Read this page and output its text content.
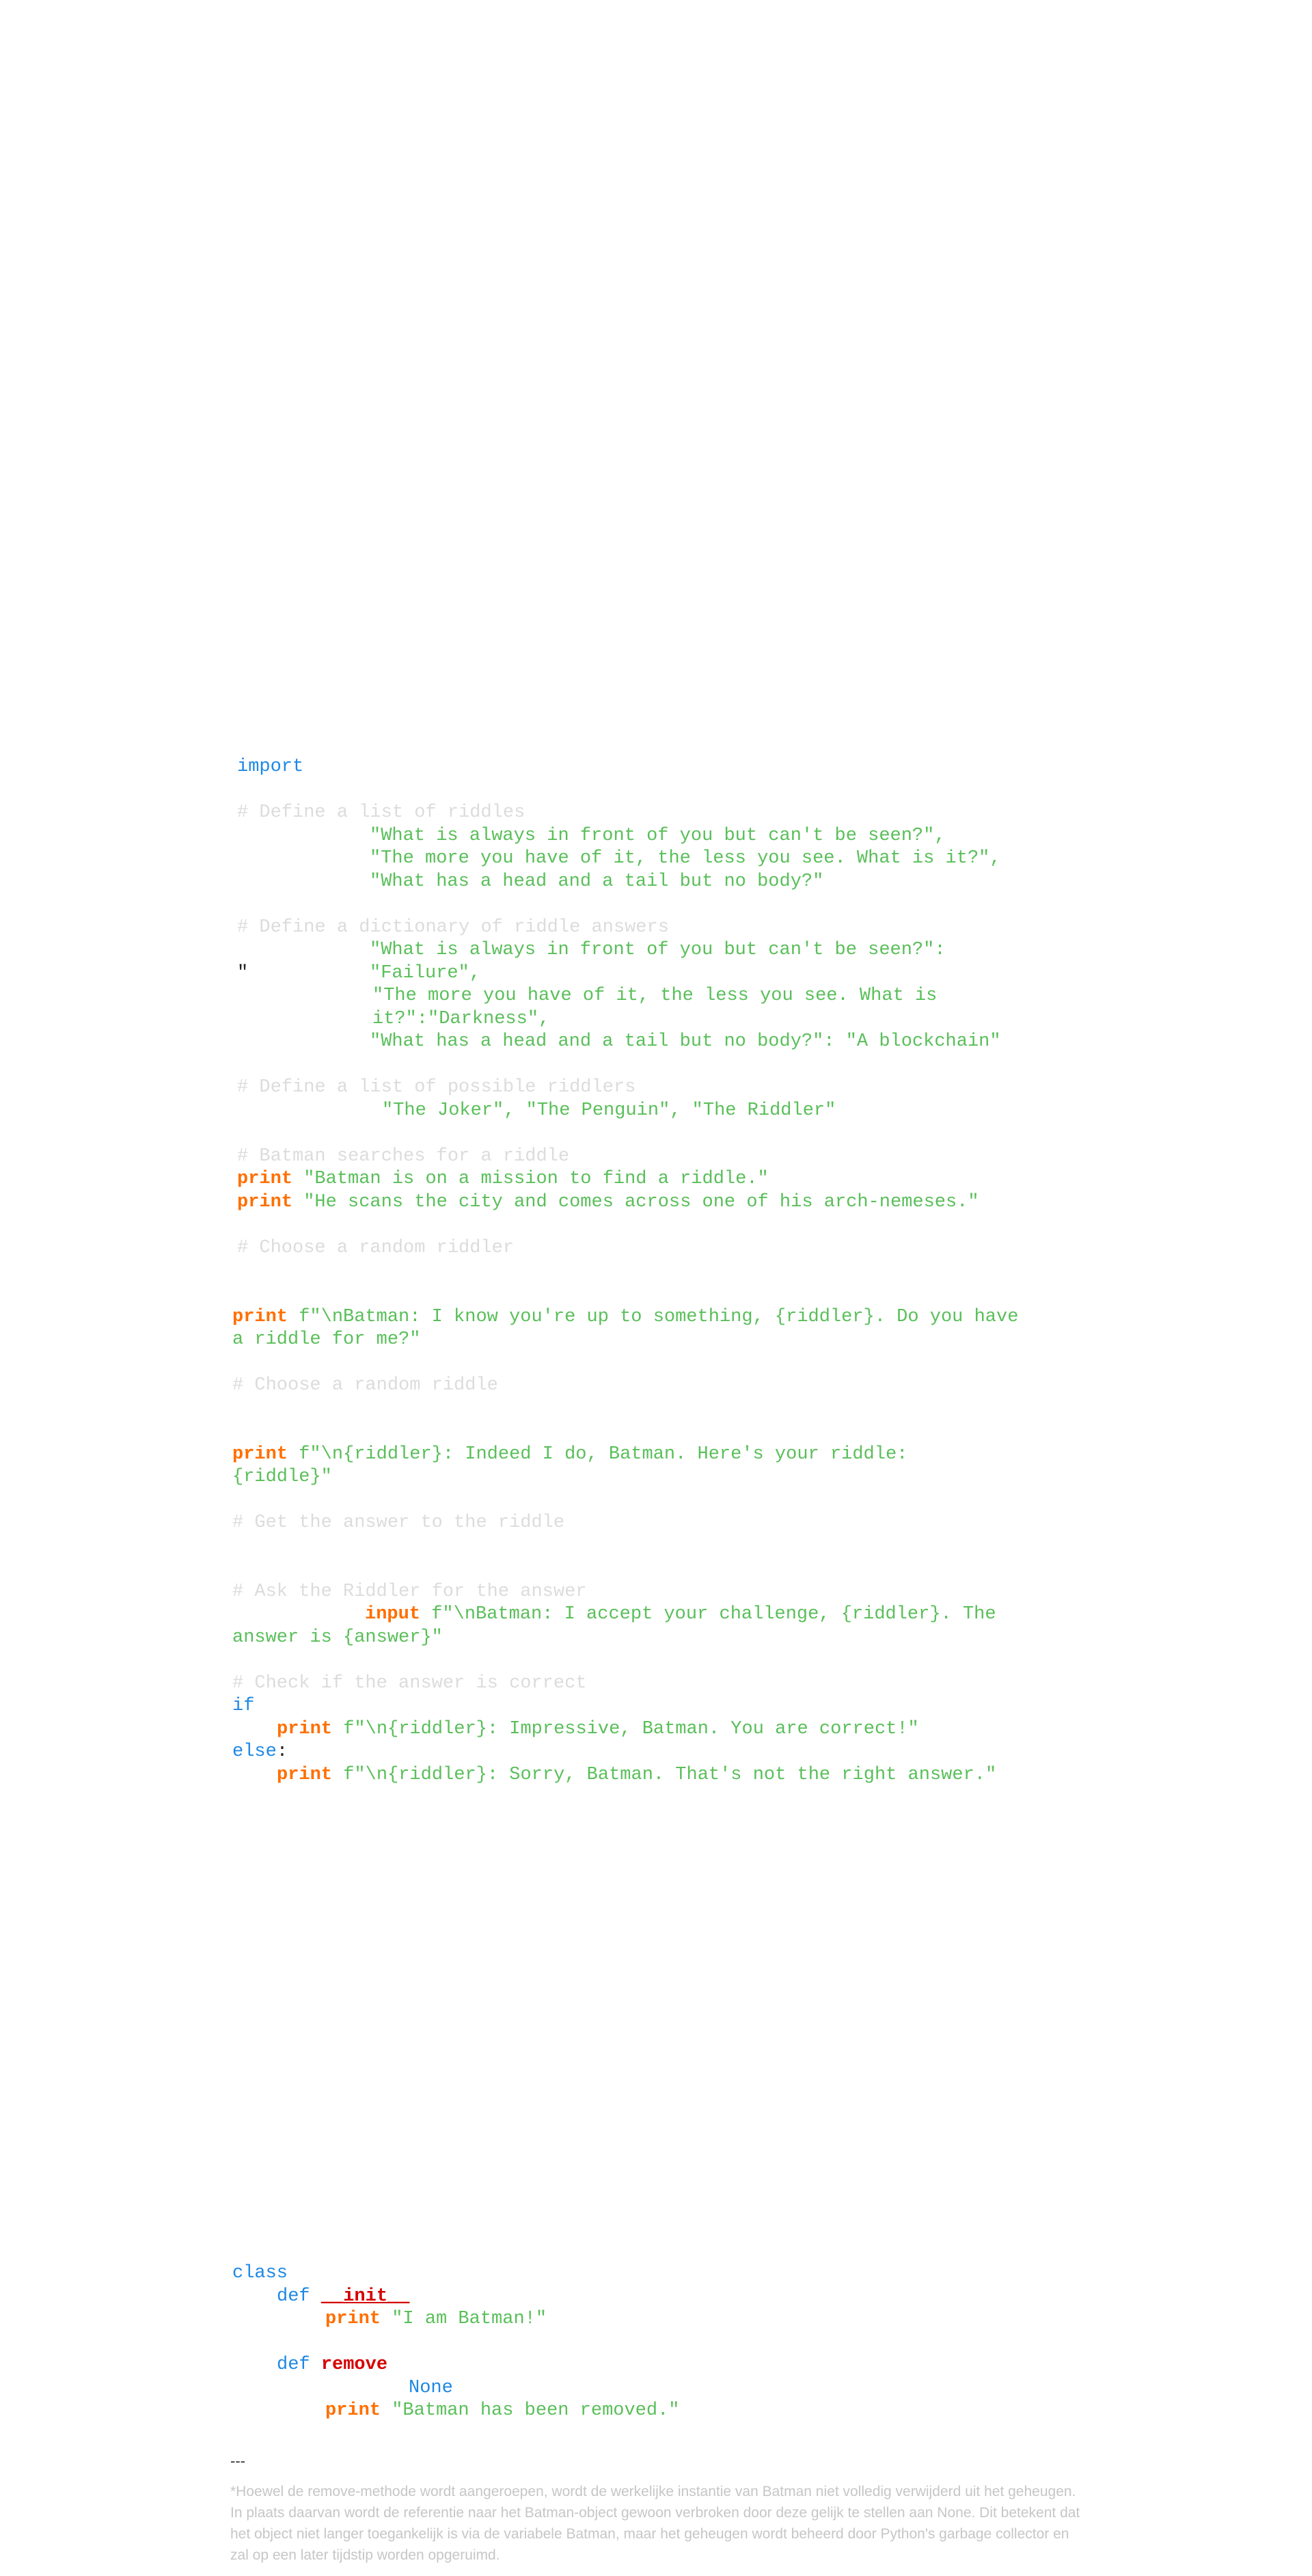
import

# Define a list of riddles

"What is always in front of you but can't be seen?",

"The more you have of it, the less you see. What is it?",

"What has a head and a tail but no body?"

# Define a dictionary of riddle answers

"What is always in front of you but can't be seen?":

"

	"Failure",

"The more you have of it, the less you see. What is

it?":"Darkness",

"What has a head and a tail but no body?": "A blockchain"

# Define a list of possible riddlers

"The Joker", "The Penguin", "The Riddler"

# Batman searches for a riddle

print "Batman is on a mission to find a riddle."

print "He scans the city and comes across one of his arch-nemeses."

# Choose a random riddler

print f"\nBatman: I know you're up to something, {riddler}. Do you have

a riddle for me?"

# Choose a random riddle

print f"\n{riddler}: Indeed I do, Batman. Here's your riddle:

{riddle}"

# Get the answer to the riddle

# Ask the Riddler for the answer

input f"\nBatman: I accept your challenge, {riddler}. The

answer is {answer}"

# Check if the answer is correct

if

print f"\n{riddler}: Impressive, Batman. You are correct!"

else:

print f"\n{riddler}: Sorry, Batman. That's not the right answer."

class

def __init__

print "I am Batman!"

def remove

None

print "Batman has been removed."

---
*Hoewel de remove-methode wordt aangeroepen, wordt de werkelijke instantie van Batman niet volledig verwijderd uit het geheugen. In plaats daarvan wordt de referentie naar het Batman-object gewoon verbroken door deze gelijk te stellen aan None. Dit betekent dat het object niet langer toegankelijk is via de variabele Batman, maar het geheugen wordt beheerd door Python's garbage collector en zal op een later tijdstip worden opgeruimd.
